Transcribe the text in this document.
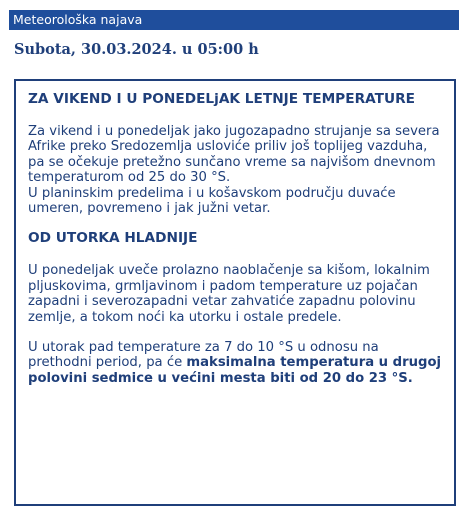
Meteorološka najava
Subota, 30.03.2024. u 05:00 h
ZA VIKEND I U PONEDELjAK LETNJE TEMPERATURE

Za vikend i u ponedeljak jako jugozapadno strujanje sa severa Afrike preko Sredozemlja usloviće priliv još toplijeg vazduha, pa se očekuje pretežno sunčano vreme sa najvišom dnevnom temperaturom od 25 do 30 °S.

U planinskim predelima i u košavskom području duvaće umeren, povremeno i jak južni vetar.

OD UTORKA HLADNIJE

U ponedeljak uveče prolazno naoblačenje sa kišom, lokalnim pljuskovima, grmljavinom i padom temperature uz pojačan zapadni i severozapadni vetar zahvatiće zapadnu polovinu zemlje, a tokom noći ka utorku i ostale predele.

U utorak pad temperature za 7 do 10 °S u odnosu na prethodni period, pa će maksimalna temperatura u drugoj polovini sedmice u većini mesta biti od 20 do 23 °S.
